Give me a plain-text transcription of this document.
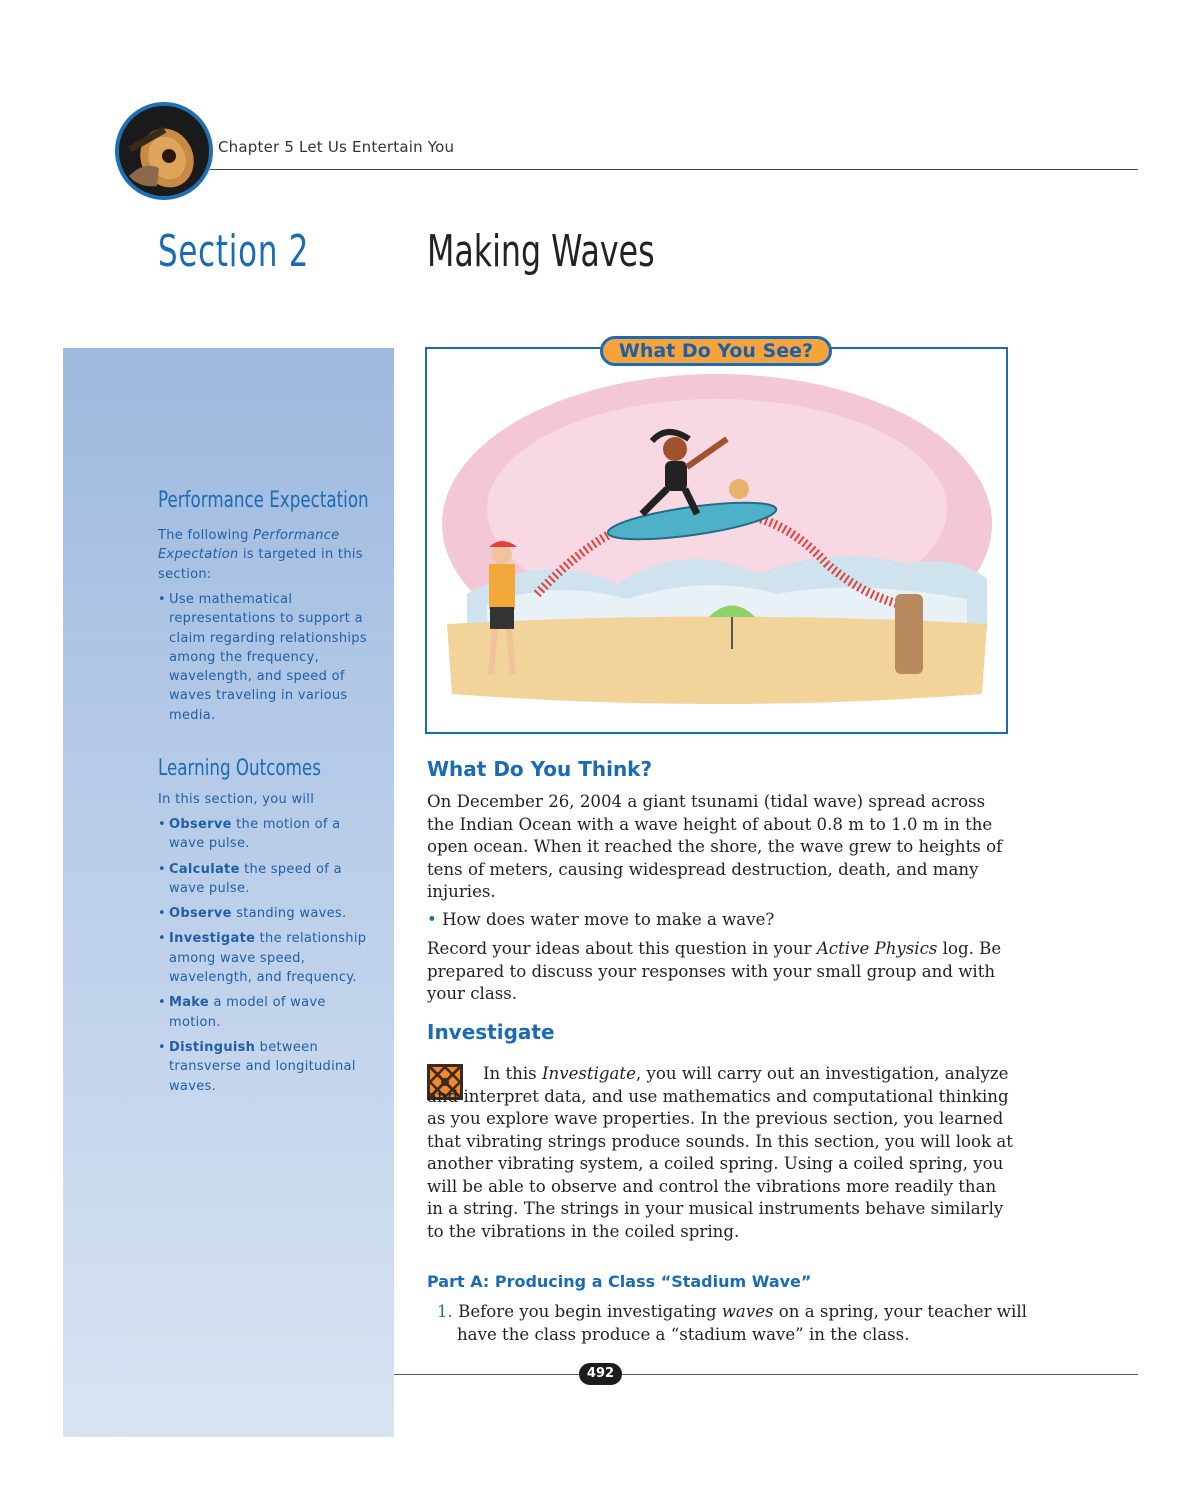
Chapter 5 Let Us Entertain You
Section 2	Making Waves
Performance Expectation
The following Performance Expectation is targeted in this section:
• Use mathematical representations to support a claim regarding relationships among the frequency, wavelength, and speed of waves traveling in various media.
Learning Outcomes
In this section, you will
• Observe the motion of a wave pulse.
• Calculate the speed of a wave pulse.
• Observe standing waves.
• Investigate the relationship among wave speed, wavelength, and frequency.
• Make a model of wave motion.
• Distinguish between transverse and longitudinal waves.
What Do You See?
What Do You Think?
On December 26, 2004 a giant tsunami (tidal wave) spread across the Indian Ocean with a wave height of about 0.8 m to 1.0 m in the open ocean. When it reached the shore, the wave grew to heights of tens of meters, causing widespread destruction, death, and many injuries.
• How does water move to make a wave?
Record your ideas about this question in your Active Physics log. Be prepared to discuss your responses with your small group and with your class.
Investigate
In this Investigate, you will carry out an investigation, analyze and interpret data, and use mathematics and computational thinking as you explore wave properties. In the previous section, you learned that vibrating strings produce sounds. In this section, you will look at another vibrating system, a coiled spring. Using a coiled spring, you will be able to observe and control the vibrations more readily than in a string. The strings in your musical instruments behave similarly to the vibrations in the coiled spring.
Part A: Producing a Class “Stadium Wave”
1. Before you begin investigating waves on a spring, your teacher will have the class produce a “stadium wave” in the class.
492
